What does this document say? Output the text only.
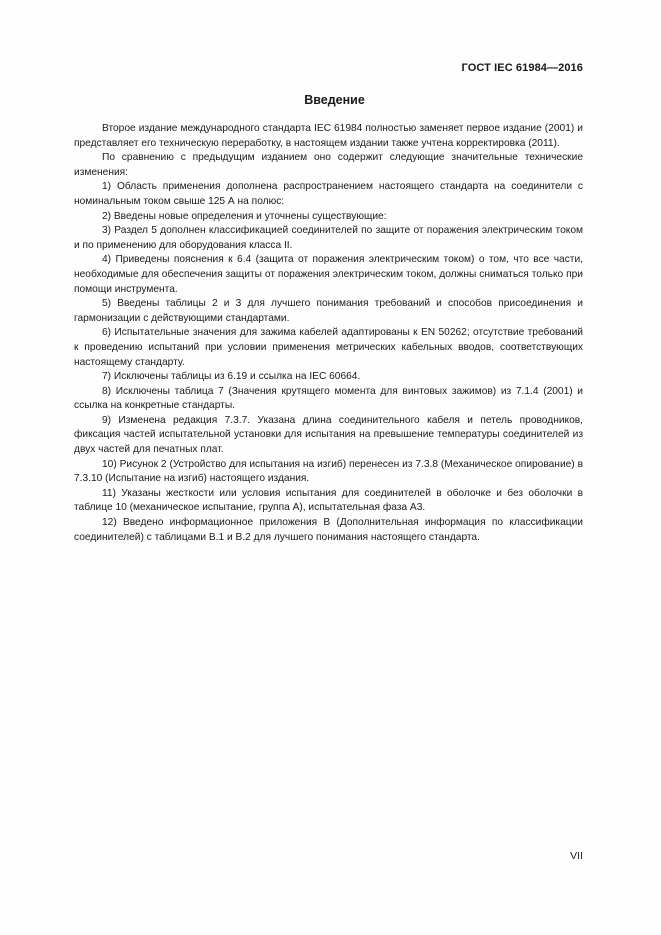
ГОСТ IEC 61984—2016
Введение

Второе издание международного стандарта IEC 61984 полностью заменяет первое издание (2001) и представляет его техническую переработку, в настоящем издании также учтена корректировка (2011).

По сравнению с предыдущим изданием оно содержит следующие значительные технические изменения:

1) Область применения дополнена распространением настоящего стандарта на соединители с номинальным током свыше 125 А на полюс:

2) Введены новые определения и уточнены существующие:

3) Раздел 5 дополнен классификацией соединителей по защите от поражения электрическим током и по применению для оборудования класса II.

4) Приведены пояснения к 6.4 (защита от поражения электрическим током) о том, что все части, необходимые для обеспечения защиты от поражения электрическим током, должны сниматься только при помощи инструмента.

5) Введены таблицы 2 и 3 для лучшего понимания требований и способов присоединения и гармонизации с действующими стандартами.

6) Испытательные значения для зажима кабелей адаптированы к EN 50262; отсутствие требований к проведению испытаний при условии применения метрических кабельных вводов, соответствующих настоящему стандарту.

7) Исключены таблицы из 6.19 и ссылка на IEC 60664.

8) Исключены таблица 7 (Значения крутящего момента для винтовых зажимов) из 7.1.4 (2001) и ссылка на конкретные стандарты.

9) Изменена редакция 7.3.7. Указана длина соединительного кабеля и петель проводников, фиксация частей испытательной установки для испытания на превышение температуры соединителей из двух частей для печатных плат.

10) Рисунок 2 (Устройство для испытания на изгиб) перенесен из 7.3.8 (Механическое опирование) в 7.3.10 (Испытание на изгиб) настоящего издания.

11) Указаны жесткости или условия испытания для соединителей в оболочке и без оболочки в таблице 10 (механическое испытание, группа А), испытательная фаза А3.

12) Введено информационное приложения В (Дополнительная информация по классификации соединителей) с таблицами В.1 и В.2 для лучшего понимания настоящего стандарта.

VII
